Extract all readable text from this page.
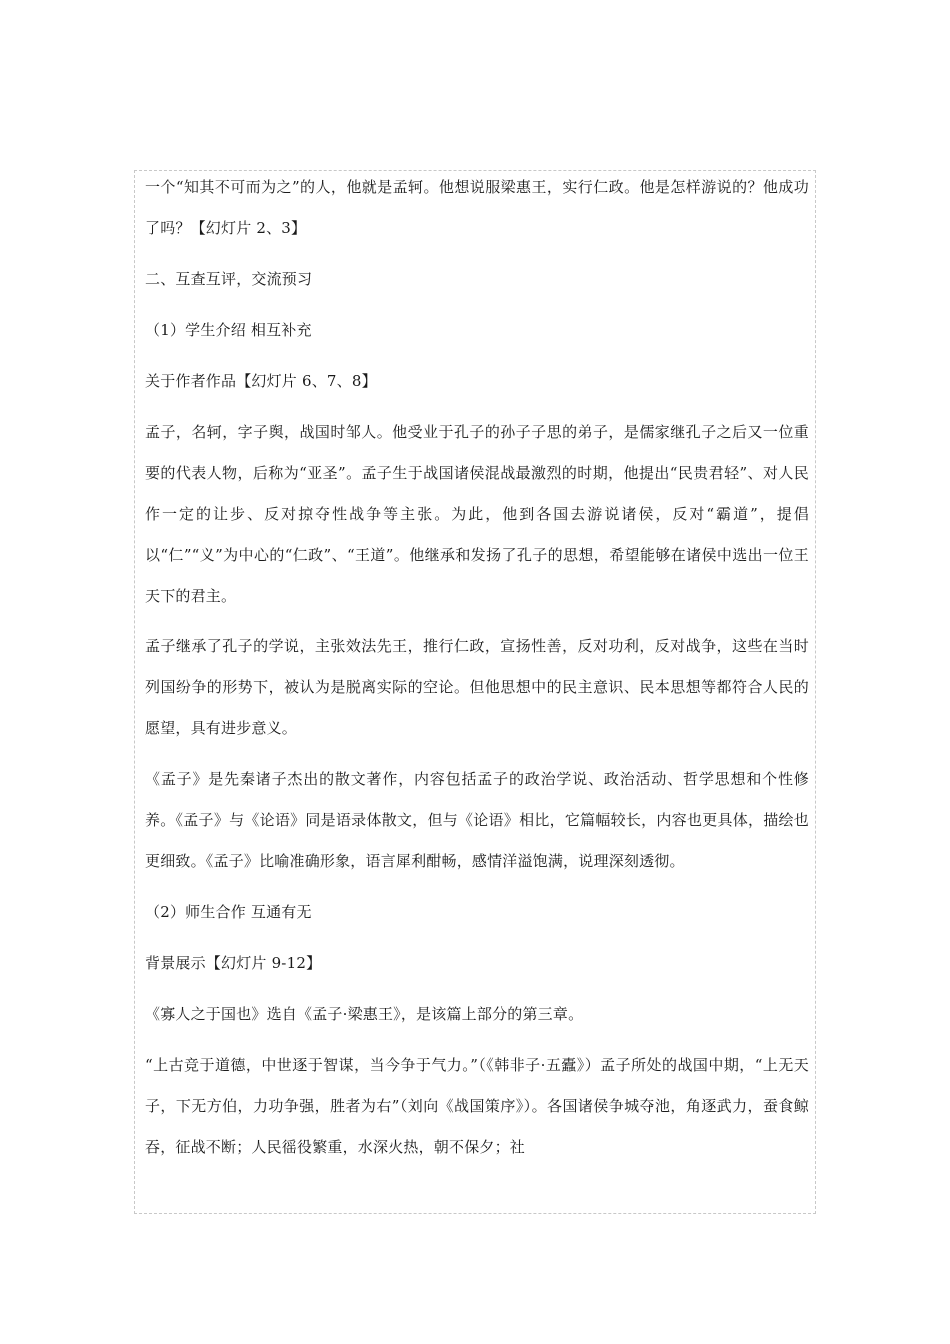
一个“知其不可而为之”的人，他就是孟轲。他想说服梁惠王，实行仁政。他是怎样游说的？他成功了吗？【幻灯片 2、3】

二、互查互评，交流预习

（1）学生介绍 相互补充

关于作者作品【幻灯片 6、7、8】

孟子，名轲，字子舆，战国时邹人。他受业于孔子的孙子子思的弟子，是儒家继孔子之后又一位重要的代表人物，后称为“亚圣”。孟子生于战国诸侯混战最激烈的时期，他提出“民贵君轻”、对人民作一定的让步、反对掠夺性战争等主张。为此，他到各国去游说诸侯，反对“霸道”，提倡以“仁”“义”为中心的“仁政”、“王道”。他继承和发扬了孔子的思想，希望能够在诸侯中选出一位王天下的君主。

孟子继承了孔子的学说，主张效法先王，推行仁政，宣扬性善，反对功利，反对战争，这些在当时列国纷争的形势下，被认为是脱离实际的空论。但他思想中的民主意识、民本思想等都符合人民的愿望，具有进步意义。

《孟子》是先秦诸子杰出的散文著作，内容包括孟子的政治学说、政治活动、哲学思想和个性修养。《孟子》与《论语》同是语录体散文，但与《论语》相比，它篇幅较长，内容也更具体，描绘也更细致。《孟子》比喻准确形象，语言犀利酣畅，感情洋溢饱满，说理深刻透彻。

（2）师生合作 互通有无

背景展示【幻灯片 9-12】

《寡人之于国也》选自《孟子·梁惠王》，是该篇上部分的第三章。

“上古竞于道德，中世逐于智谋，当今争于气力。”（《韩非子·五蠹》）孟子所处的战国中期，“上无天子，下无方伯，力功争强，胜者为右”（刘向《战国策序》）。各国诸侯争城夺池，角逐武力，蚕食鲸吞，征战不断；人民徭役繁重，水深火热，朝不保夕；社
